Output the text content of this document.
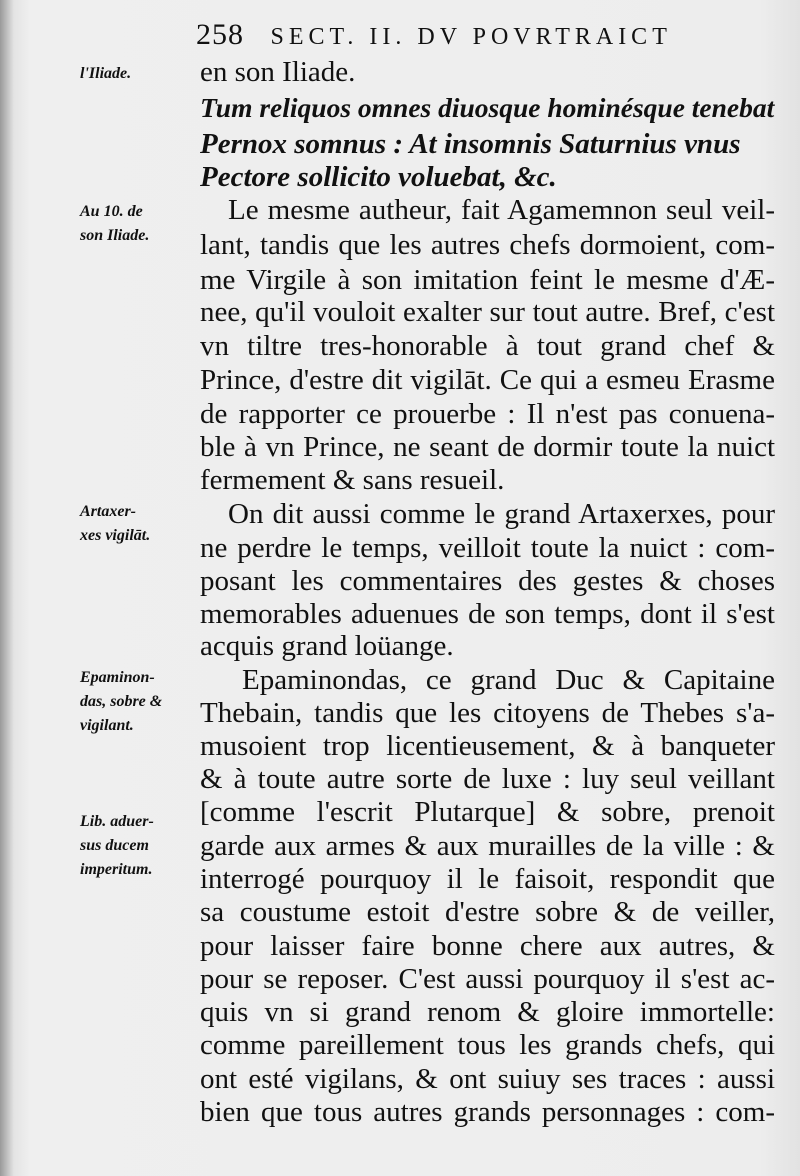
258 SECT. II. DV POVRTRAICT
l'Iliade.
Au 10. de
son Iliade.
Artaxer-
xes vigilāt.
Epaminon-
das, sobre &
vigilant.
Lib. aduer-
sus ducem
imperitum.
en son Iliade.
Tum reliquos omnes diuosque hominésque tenebat
Pernox somnus : At insomnis Saturnius vnus
Pectore sollicito voluebat, &c.
Le mesme autheur, fait Agamemnon seul veil-
lant, tandis que les autres chefs dormoient, com-
me Virgile à son imitation feint le mesme d'Æ-
nee, qu'il vouloit exalter sur tout autre. Bref, c'est
vn tiltre tres-honorable à tout grand chef &
Prince, d'estre dit vigilāt. Ce qui a esmeu Erasme
de rapporter ce prouerbe : Il n'est pas conuena-
ble à vn Prince, ne seant de dormir toute la nuict
fermement & sans resueil.
On dit aussi comme le grand Artaxerxes, pour
ne perdre le temps, veilloit toute la nuict : com-
posant les commentaires des gestes & choses
memorables aduenues de son temps, dont il s'est
acquis grand loüange.
Epaminondas, ce grand Duc & Capitaine
Thebain, tandis que les citoyens de Thebes s'a-
musoient trop licentieusement, & à banqueter
& à toute autre sorte de luxe : luy seul veillant
[comme l'escrit Plutarque] & sobre, prenoit
garde aux armes & aux murailles de la ville : &
interrogé pourquoy il le faisoit, respondit que
sa coustume estoit d'estre sobre & de veiller,
pour laisser faire bonne chere aux autres, &
pour se reposer. C'est aussi pourquoy il s'est ac-
quis vn si grand renom & gloire immortelle:
comme pareillement tous les grands chefs, qui
ont esté vigilans, & ont suiuy ses traces : aussi
bien que tous autres grands personnages : com-
